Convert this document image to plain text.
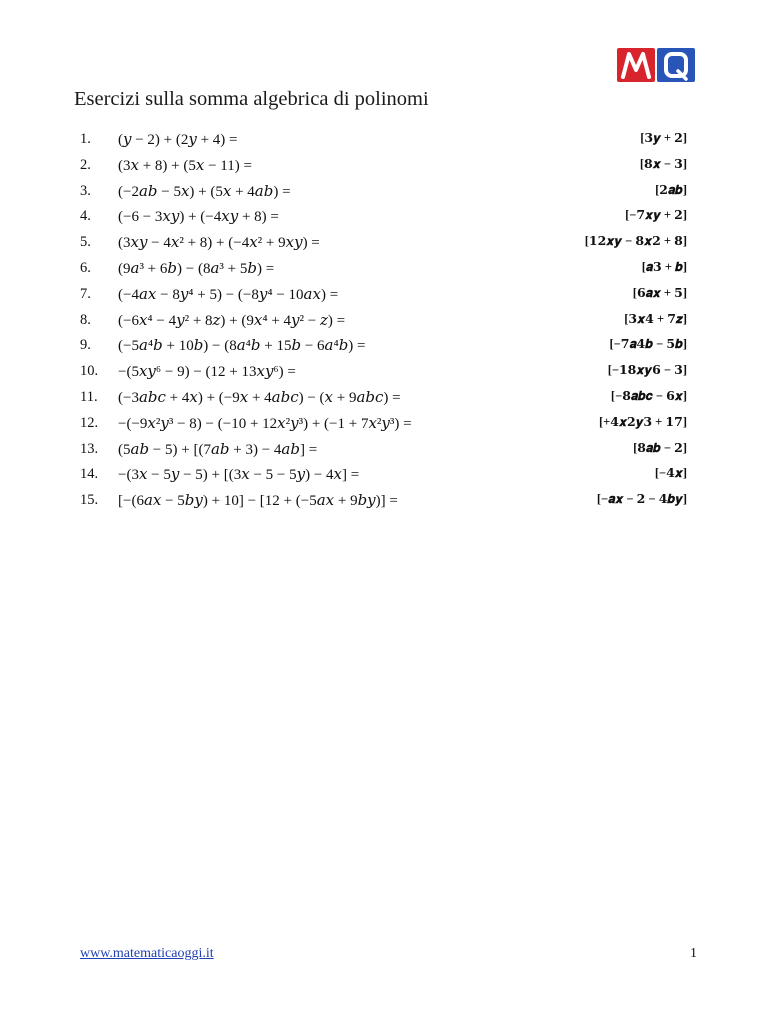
Esercizi sulla somma algebrica di polinomi
1. (𝑦 − 2) + (2𝑦 + 4) =	[𝟑𝒚 + 𝟐]
2. (3𝑥 + 8) + (5𝑥 − 11) =	[𝟖𝒙 − 𝟑]
3. (−2𝑎𝑏 − 5𝑥) + (5𝑥 + 4𝑎𝑏) =	[𝟐𝒂𝒃]
4. (−6 − 3𝑥𝑦) + (−4𝑥𝑦 + 8) =	[−𝟕𝒙𝒚 + 𝟐]
5. (3𝑥𝑦 − 4𝑥² + 8) + (−4𝑥² + 9𝑥𝑦) =	[𝟏𝟐𝒙𝒚 − 𝟖𝒙𝟐 + 𝟖]
6. (9𝑎³ + 6𝑏) − (8𝑎³ + 5𝑏) =	[𝒂𝟑 + 𝒃]
7. (−4𝑎𝑥 − 8𝑦⁴ + 5) − (−8𝑦⁴ − 10𝑎𝑥) =	[𝟔𝒂𝒙 + 𝟓]
8. (−6𝑥⁴ − 4𝑦² + 8𝑧) + (9𝑥⁴ + 4𝑦² − 𝑧) =	[𝟑𝒙𝟒 + 𝟕𝒛]
9. (−5𝑎⁴𝑏 + 10𝑏) − (8𝑎⁴𝑏 + 15𝑏 − 6𝑎⁴𝑏) =	[−𝟕𝒂𝟒𝒃 − 𝟓𝒃]
10. −(5𝑥𝑦⁶ − 9) − (12 + 13𝑥𝑦⁶) =	[−𝟏𝟖𝒙𝒚𝟔 − 𝟑]
11. (−3𝑎𝑏𝑐 + 4𝑥) + (−9𝑥 + 4𝑎𝑏𝑐) − (𝑥 + 9𝑎𝑏𝑐) =	[−𝟖𝒂𝒃𝒄 − 𝟔𝒙]
12. −(−9𝑥²𝑦³ − 8) − (−10 + 12𝑥²𝑦³) + (−1 + 7𝑥²𝑦³) =	[+𝟒𝒙𝟐𝒚𝟑 + 𝟏𝟕]
13. (5𝑎𝑏 − 5) + [(7𝑎𝑏 + 3) − 4𝑎𝑏] =	[𝟖𝒂𝒃 − 𝟐]
14. −(3𝑥 − 5𝑦 − 5) + [(3𝑥 − 5 − 5𝑦) − 4𝑥] =	[−𝟒𝒙]
15. [−(6𝑎𝑥 − 5𝑏𝑦) + 10] − [12 + (−5𝑎𝑥 + 9𝑏𝑦)] =	[−𝒂𝒙 − 𝟐 − 𝟒𝒃𝒚]
www.matematicaoggi.it	1
